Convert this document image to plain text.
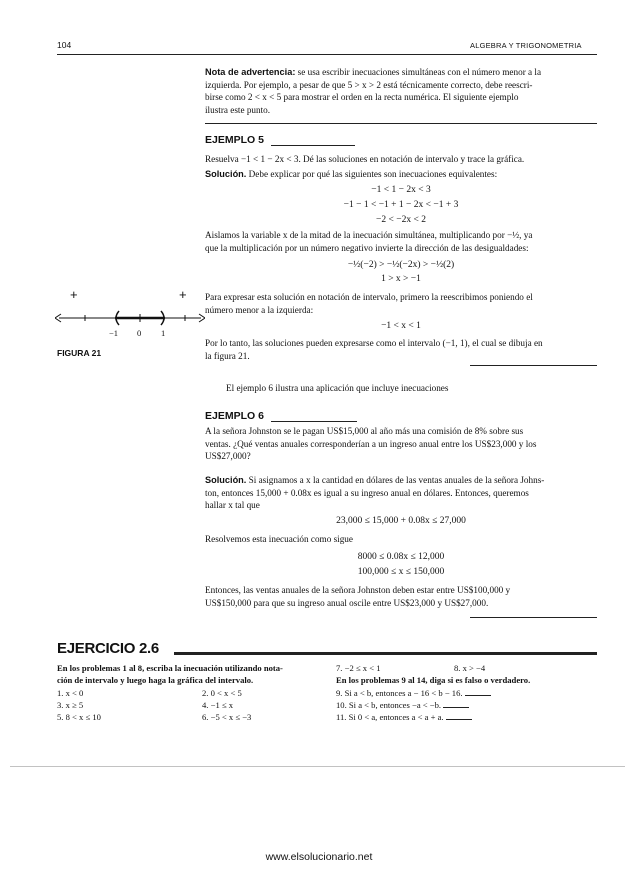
104	ALGEBRA Y TRIGONOMETRIA
Nota de advertencia: se usa escribir inecuaciones simultáneas con el número menor a la
izquierda. Por ejemplo, a pesar de que 5 > x > 2 está técnicamente correcto, debe reescri-
birse como 2 < x < 5 para mostrar el orden en la recta numérica. El siguiente ejemplo
ilustra este punto.
EJEMPLO 5
Resuelva −1 < 1 − 2x < 3. Dé las soluciones en notación de intervalo y trace la gráfica.
Solución. Debe explicar por qué las siguientes son inecuaciones equivalentes:
−1 < 1 − 2x < 3
−1 − 1 < −1 + 1 − 2x < −1 + 3
−2 < −2x < 2
Aislamos la variable x de la mitad de la inecuación simultánea, multiplicando por −½, ya
que la multiplicación por un número negativo invierte la dirección de las desigualdades:
−½(−2) > −½(−2x) > −½(2)
1 > x > −1
Para expresar esta solución en notación de intervalo, primero la reescribimos poniendo el
número menor a la izquierda:
−1 < x < 1
Por lo tanto, las soluciones pueden expresarse como el intervalo (−1, 1), el cual se dibuja en
la figura 21.
+	+
−1 0 1
FIGURA 21
El ejemplo 6 ilustra una aplicación que incluye inecuaciones
EJEMPLO 6
A la señora Johnston se le pagan US$15,000 al año más una comisión de 8% sobre sus
ventas. ¿Qué ventas anuales corresponderían a un ingreso anual entre los US$23,000 y los
US$27,000?
Solución. Si asignamos a x la cantidad en dólares de las ventas anuales de la señora Johns-
ton, entonces 15,000 + 0.08x es igual a su ingreso anual en dólares. Entonces, queremos
hallar x tal que
23,000 ≤ 15,000 + 0.08x ≤ 27,000
Resolvemos esta inecuación como sigue
8000 ≤ 0.08x ≤ 12,000
100,000 ≤ x ≤ 150,000
Entonces, las ventas anuales de la señora Johnston deben estar entre US$100,000 y
US$150,000 para que su ingreso anual oscile entre US$23,000 y US$27,000.
EJERCICIO 2.6
En los problemas 1 al 8, escriba la inecuación utilizando nota-
ción de intervalo y luego haga la gráfica del intervalo.
1. x < 0	2. 0 < x < 5
3. x ≥ 5	4. −1 ≤ x
5. 8 < x ≤ 10	6. −5 < x ≤ −3
7. −2 ≤ x < 1	8. x > −4
En los problemas 9 al 14, diga si es falso o verdadero.
9. Si a < b, entonces a − 16 < b − 16.
10. Si a < b, entonces −a < −b.
11. Si 0 < a, entonces a < a + a.
www.elsolucionario.net
